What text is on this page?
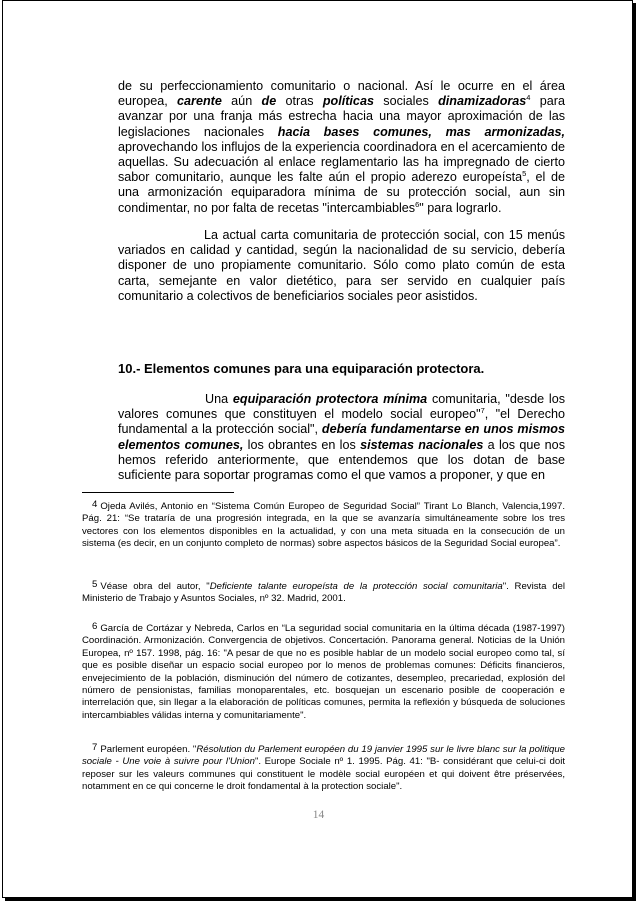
de su perfeccionamiento comunitario o nacional. Así le ocurre en el área europea, carente aún de otras políticas sociales dinamizadoras$^4$ para avanzar por una franja más estrecha hacia una mayor aproximación de las legislaciones nacionales hacia bases comunes, mas armonizadas, aprovechando los influjos de la experiencia coordinadora en el acercamiento de aquellas. Su adecuación al enlace reglamentario las ha impregnado de cierto sabor comunitario, aunque les falte aún el propio aderezo europeísta$^5$, el de una armonización equiparadora mínima de su protección social, aun sin condimentar, no por falta de recetas "intercambiables$^6$" para lograrlo.

La actual carta comunitaria de protección social, con 15 menús variados en calidad y cantidad, según la nacionalidad de su servicio, debería disponer de uno propiamente comunitario. Sólo como plato común de esta carta, semejante en valor dietético, para ser servido en cualquier país comunitario a colectivos de beneficiarios sociales peor asistidos.

10.- Elementos comunes para una equiparación protectora.

Una equiparación protectora mínima comunitaria, "desde los valores comunes que constituyen el modelo social europeo"$^7$, "el Derecho fundamental a la protección social", debería fundamentarse en unos mismos elementos comunes, los obrantes en los sistemas nacionales a los que nos hemos referido anteriormente, que entendemos que los dotan de base suficiente para soportar programas como el que vamos a proponer, y que en

4 Ojeda Avilés, Antonio en “Sistema Común Europeo de Seguridad Social” Tirant Lo Blanch, Valencia,1997. Pág. 21: “Se trataría de una progresión integrada, en la que se avanzaría simultáneamente sobre los tres vectores con los elementos disponibles en la actualidad, y con una meta situada en la consecución de un sistema (es decir, en un conjunto completo de normas) sobre aspectos básicos de la Seguridad Social europea”.
5 Véase obra del autor, "Deficiente talante europeísta de la protección social comunitaria". Revista del Ministerio de Trabajo y Asuntos Sociales, nº 32. Madrid, 2001.
6 García de Cortázar y Nebreda, Carlos en “La seguridad social comunitaria en la última década (1987-1997) Coordinación. Armonización. Convergencia de objetivos. Concertación. Panorama general. Noticias de la Unión Europea, nº 157. 1998, pág. 16: "A pesar de que no es posible hablar de un modelo social europeo como tal, sí que es posible diseñar un espacio social europeo por lo menos de problemas comunes: Déficits financieros, envejecimiento de la población, disminución del número de cotizantes, desempleo, precariedad, explosión del número de pensionistas, familias monoparentales, etc. bosquejan un escenario posible de cooperación e interrelación que, sin llegar a la elaboración de políticas comunes, permita la reflexión y búsqueda de soluciones intercambiables válidas interna y comunitariamente".
7 Parlement européen. "Résolution du Parlement européen du 19 janvier 1995 sur le livre blanc sur la politique sociale - Une voie à suivre pour l'Union". Europe Sociale nº 1. 1995. Pág. 41: "B- considérant que celui-ci doit reposer sur les valeurs communes qui constituent le modèle social européen et qui doivent être préservées, notamment en ce qui concerne le droit fondamental à la protection sociale".
14
